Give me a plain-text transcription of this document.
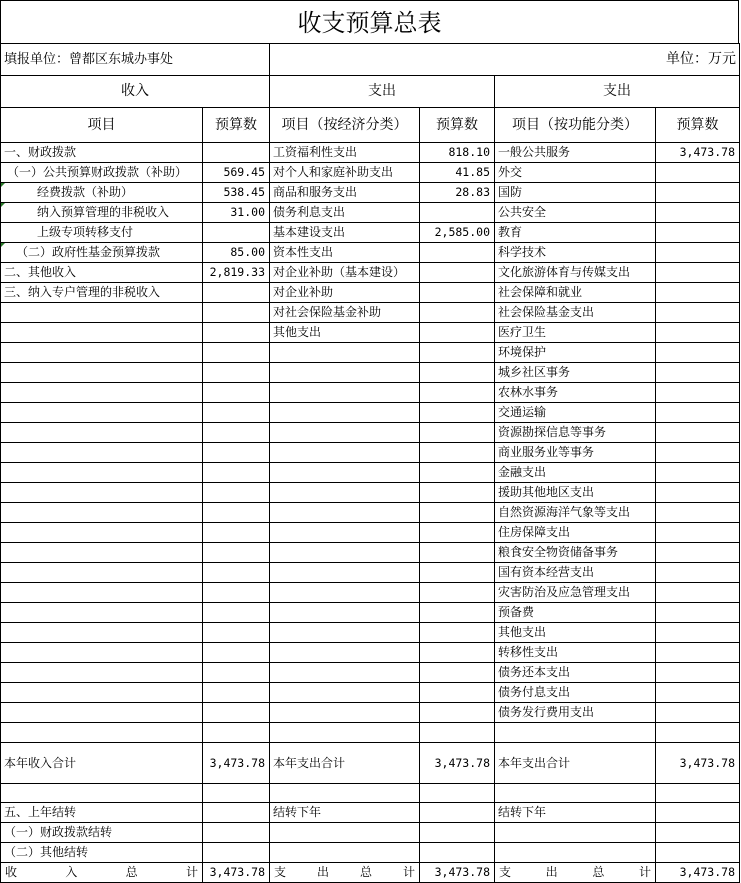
收支预算总表
填报单位：曾都区东城办事处		单位：万元			
收入		支出		支出	
项目	预算数	项目（按经济分类）	预算数	项目（按功能分类）	预算数
一、财政拨款		工资福利性支出	818.10	一般公共服务	3,473.78
（一）公共预算财政拨款（补助）	569.45	对个人和家庭补助支出	41.85	外交	
经费拨款（补助）	538.45	商品和服务支出	28.83	国防	
纳入预算管理的非税收入	31.00	债务利息支出		公共安全	
上级专项转移支付		基本建设支出	2,585.00	教育	
（二）政府性基金预算拨款	85.00	资本性支出		科学技术	
二、其他收入	2,819.33	对企业补助（基本建设）		文化旅游体育与传媒支出	
三、纳入专户管理的非税收入		对企业补助		社会保障和就业	
		对社会保险基金补助		社会保险基金支出	
		其他支出		医疗卫生	
				环境保护	
				城乡社区事务	
				农林水事务	
				交通运输	
				资源勘探信息等事务	
				商业服务业等事务	
				金融支出	
				援助其他地区支出	
				自然资源海洋气象等支出	
				住房保障支出	
				粮食安全物资储备事务	
				国有资本经营支出	
				灾害防治及应急管理支出	
				预备费	
				其他支出	
				转移性支出	
				债务还本支出	
				债务付息支出	
				债务发行费用支出	

本年收入合计	3,473.78	本年支出合计	3,473.78	本年支出合计	3,473.78

五、上年结转		结转下年		结转下年	
（一）财政拨款结转					
（二）其他结转					
收入总计	3,473.78	支出总计	3,473.78	支出总计	3,473.78
